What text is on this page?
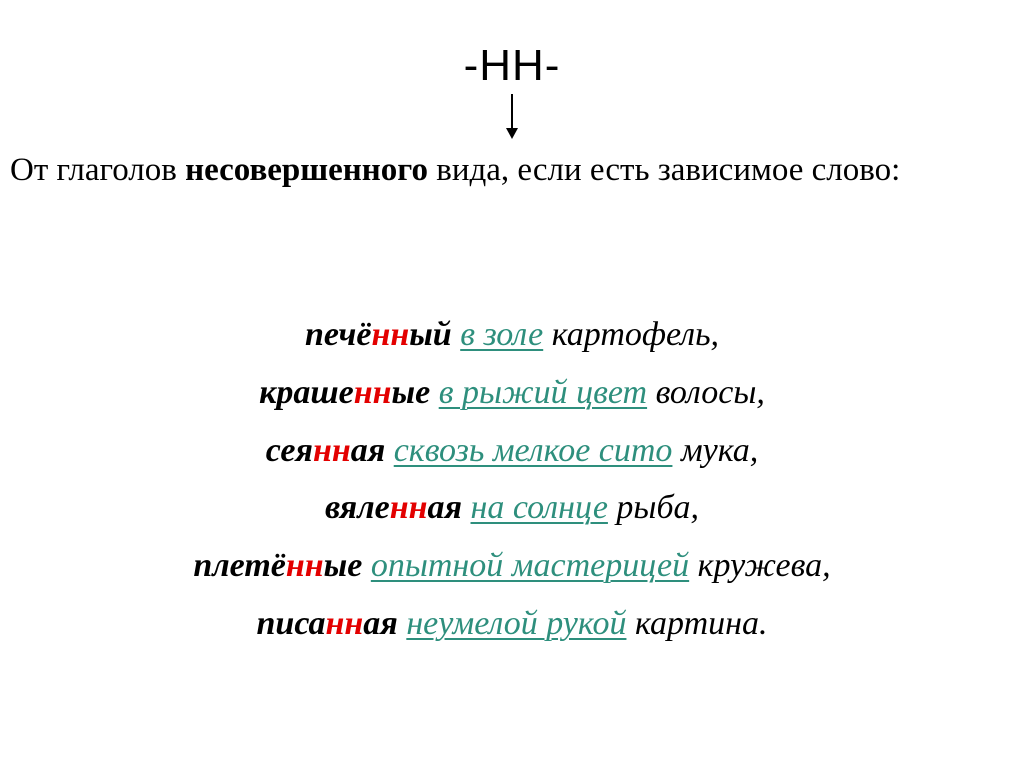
-НН-
От глаголов несовершенного вида, если есть зависимое слово:
печённый в золе картофель,
крашенные в рыжий цвет волосы,
сеянная сквозь мелкое сито мука,
вяленная на солнце рыба,
плетённые опытной мастерицей кружева,
писанная неумелой рукой картина.
